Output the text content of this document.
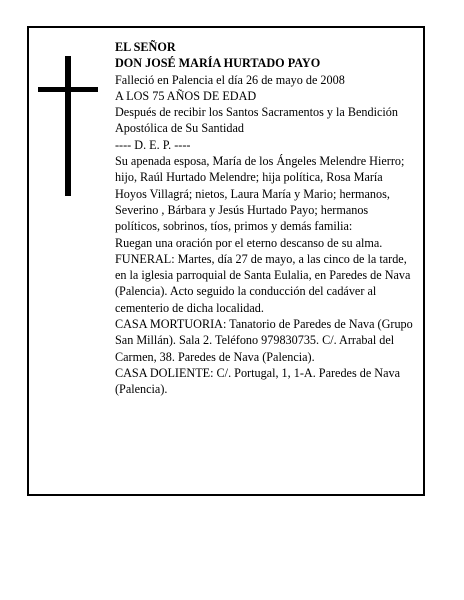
EL SEÑOR

DON JOSÉ MARÍA HURTADO PAYO

Falleció en Palencia el día 26 de mayo de 2008

A LOS 75 AÑOS DE EDAD

Después de recibir los Santos Sacramentos y la Bendición Apostólica de Su Santidad

---- D. E. P. ----

Su apenada esposa, María de los Ángeles Melendre Hierro; hijo, Raúl Hurtado Melendre; hija política, Rosa María Hoyos Villagrá; nietos, Laura María y Mario; hermanos, Severino , Bárbara y Jesús Hurtado Payo; hermanos políticos, sobrinos, tíos, primos y demás familia:

Ruegan una oración por el eterno descanso de su alma.

FUNERAL: Martes, día 27 de mayo, a las cinco de la tarde, en la iglesia parroquial de Santa Eulalia, en Paredes de Nava (Palencia). Acto seguido la conducción del cadáver al cementerio de dicha localidad.

CASA MORTUORIA: Tanatorio de Paredes de Nava (Grupo San Millán). Sala 2. Teléfono 979830735. C/. Arrabal del Carmen, 38. Paredes de Nava (Palencia).

CASA DOLIENTE: C/. Portugal, 1, 1-A. Paredes de Nava (Palencia).
